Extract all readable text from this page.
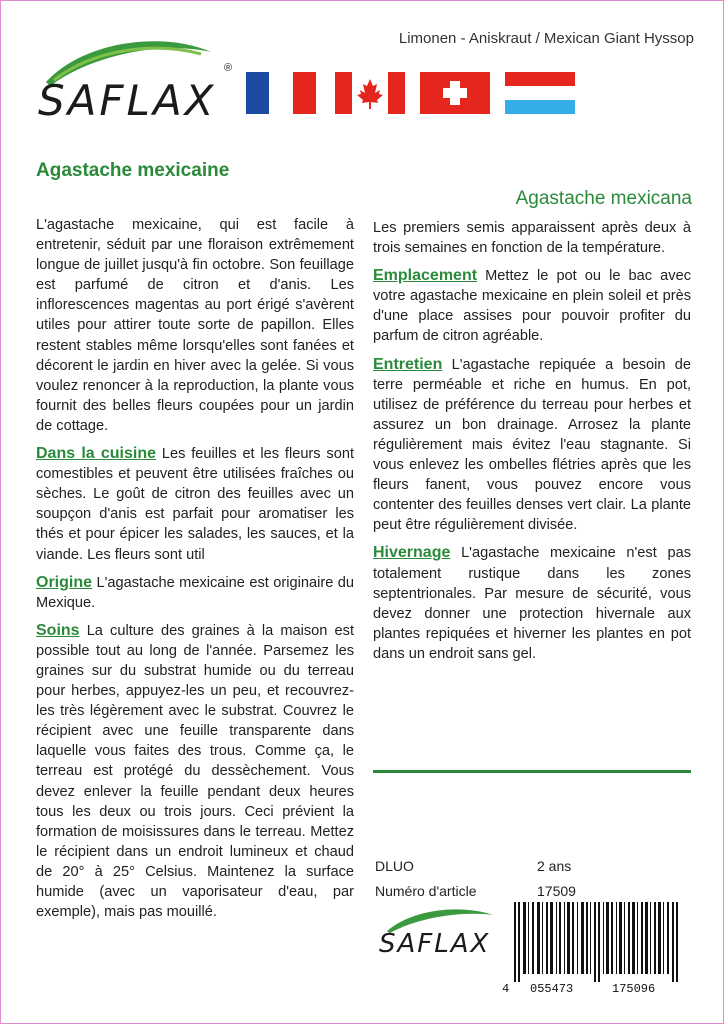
Limonen - Aniskraut / Mexican Giant Hyssop
SAFLAX
®
Agastache mexicaine
Agastache mexicana

L'agastache mexicaine, qui est facile à entretenir, séduit par une floraison extrêmement longue de juillet jusqu'à fin octobre. Son feuillage est parfumé de citron et d'anis. Les inflorescences magentas au port érigé s'avèrent utiles pour attirer toute sorte de papillon. Elles restent stables même lorsqu'elles sont fanées et décorent le jardin en hiver avec la gelée. Si vous voulez renoncer à la reproduction, la plante vous fournit des belles fleurs coupées pour un jardin de cottage.

Dans la cuisine Les feuilles et les fleurs sont comestibles et peuvent être utilisées fraîches ou sèches. Le goût de citron des feuilles avec un soupçon d'anis est parfait pour aromatiser les thés et pour épicer les salades, les sauces, et la viande. Les fleurs sont util

Origine L'agastache mexicaine est originaire du Mexique.

Soins La culture des graines à la maison est possible tout au long de l'année. Parsemez les graines sur du substrat humide ou du terreau pour herbes, appuyez-les un peu, et recouvrez-les très légèrement avec le substrat. Couvrez le récipient avec une feuille transparente dans laquelle vous faites des trous. Comme ça, le terreau est protégé du dessèchement. Vous devez enlever la feuille pendant deux heures tous les deux ou trois jours. Ceci prévient la formation de moisissures dans le terreau. Mettez le récipient dans un endroit lumineux et chaud de 20° à 25° Celsius. Maintenez la surface humide (avec un vaporisateur d'eau, par exemple), mais pas mouillé.

Les premiers semis apparaissent après deux à trois semaines en fonction de la température.

Emplacement Mettez le pot ou le bac avec votre agastache mexicaine en plein soleil et près d'une place assises pour pouvoir profiter du parfum de citron agréable.

Entretien L'agastache repiquée a besoin de terre perméable et riche en humus. En pot, utilisez de préférence du terreau pour herbes et assurez un bon drainage. Arrosez la plante régulièrement mais évitez l'eau stagnante. Si vous enlevez les ombelles flétries après que les fleurs fanent, vous pouvez encore vous contenter des feuilles denses vert clair. La plante peut être régulièrement divisée.

Hivernage L'agastache mexicaine n'est pas totalement rustique dans les zones septentrionales. Par mesure de sécurité, vous devez donner une protection hivernale aux plantes repiquées et hiverner les plantes en pot dans un endroit sans gel.

DLUO	2 ans
Numéro d'article	17509
SAFLAX
4 055473	175096
